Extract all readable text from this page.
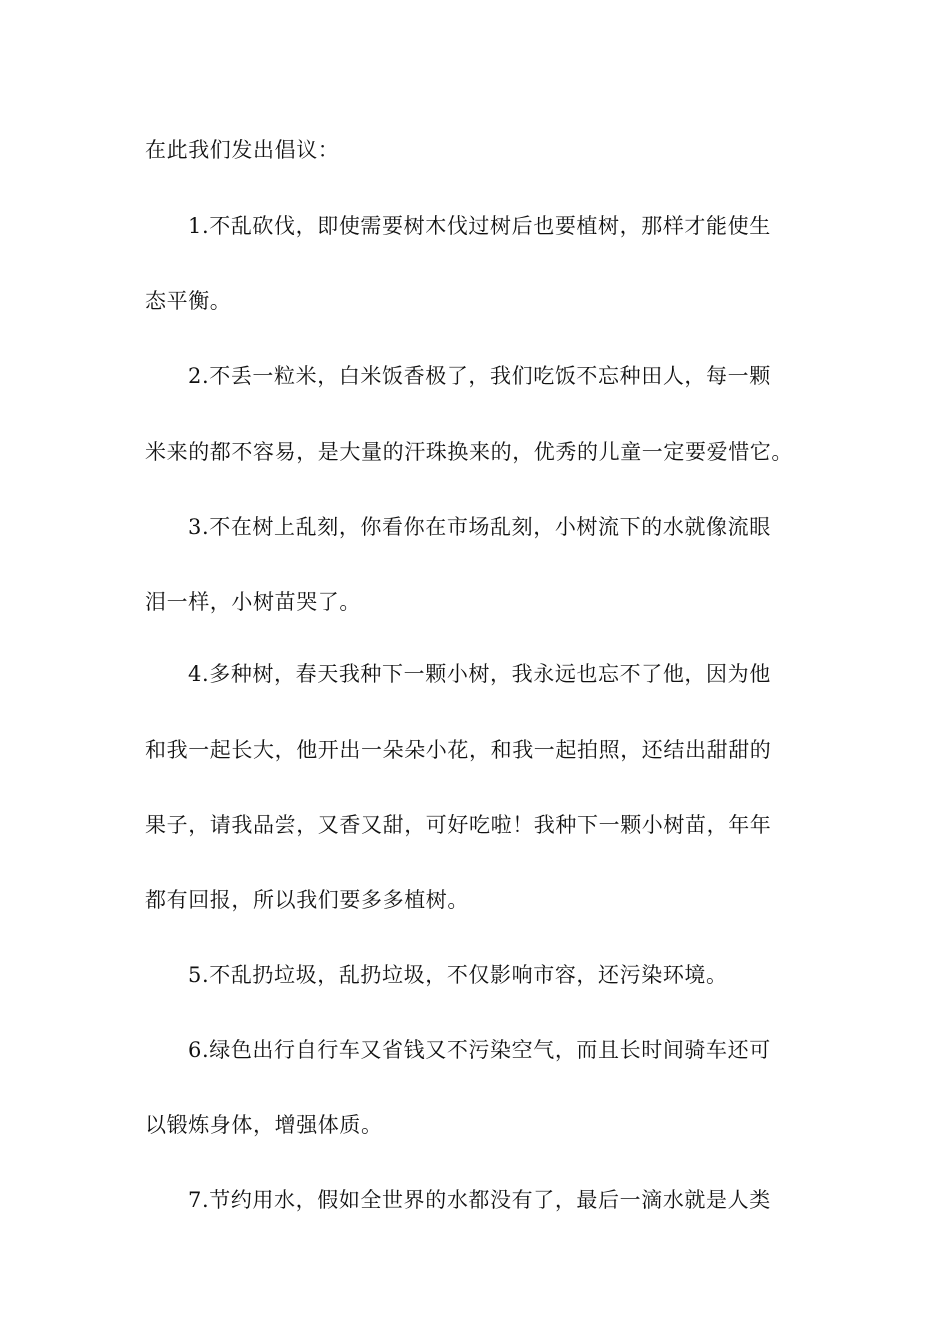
在此我们发出倡议：
1.不乱砍伐，即使需要树木伐过树后也要植树，那样才能使生
态平衡。
2.不丢一粒米，白米饭香极了，我们吃饭不忘种田人，每一颗
米来的都不容易，是大量的汗珠换来的，优秀的儿童一定要爱惜它。
3.不在树上乱刻，你看你在市场乱刻，小树流下的水就像流眼
泪一样，小树苗哭了。
4.多种树，春天我种下一颗小树，我永远也忘不了他，因为他
和我一起长大，他开出一朵朵小花，和我一起拍照，还结出甜甜的
果子，请我品尝，又香又甜，可好吃啦！我种下一颗小树苗，年年
都有回报，所以我们要多多植树。
5.不乱扔垃圾，乱扔垃圾，不仅影响市容，还污染环境。
6.绿色出行自行车又省钱又不污染空气，而且长时间骑车还可
以锻炼身体，增强体质。
7.节约用水，假如全世界的水都没有了，最后一滴水就是人类
